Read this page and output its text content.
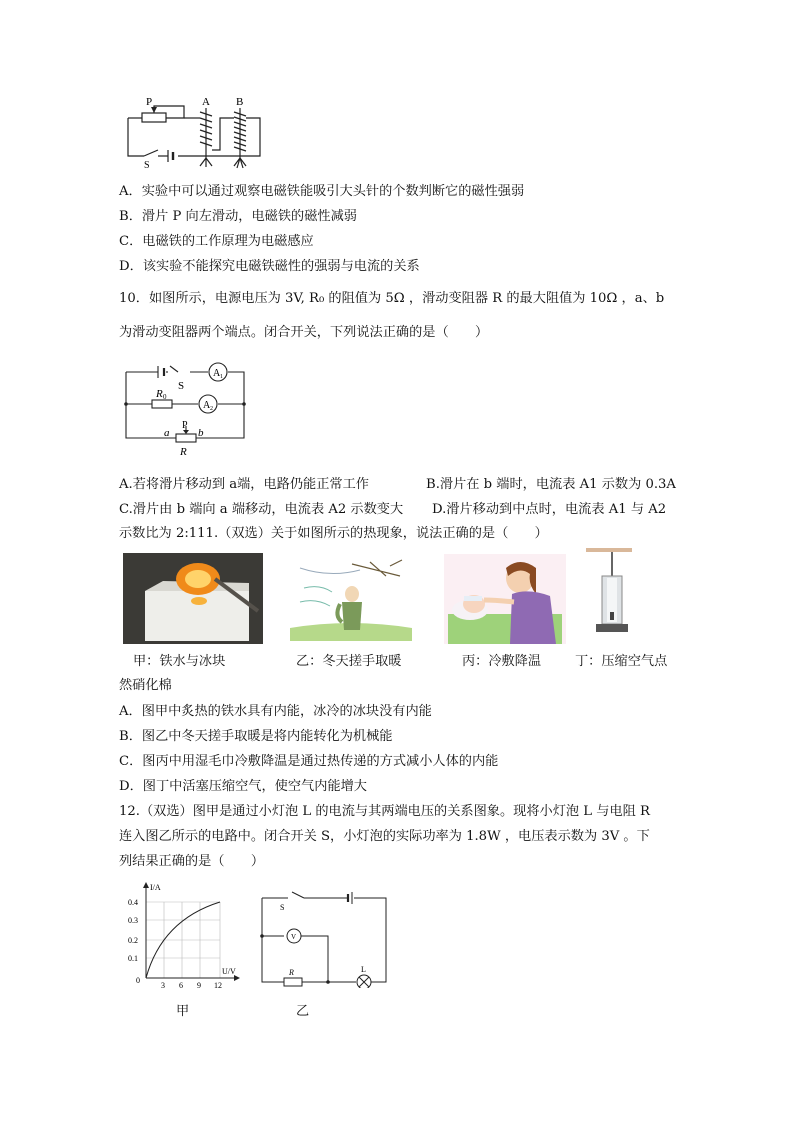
P	A B
S
A．实验中可以通过观察电磁铁能吸引大头针的个数判断它的磁性强弱
B．滑片 P 向左滑动，电磁铁的磁性减弱
C．电磁铁的工作原理为电磁感应
D．该实验不能探究电磁铁磁性的强弱与电流的关系
10．如图所示，电源电压为 3V, R₀ 的阻值为 5Ω ，滑动变阻器 R 的最大阻值为 10Ω ，a、b
为滑动变阻器两个端点。闭合开关，下列说法正确的是（　　）
S
A 1
A 2
R 0
a
P
b
R
A.若将滑片移动到 a端，电路仍能正常工作	B.滑片在 b 端时，电流表 A1 示数为 0.3A
C.滑片由 b 端向 a 端移动，电流表 A2 示数变大 D.滑片移动到中点时，电流表 A1 与 A2
示数比为 2:111.（双选）关于如图所示的热现象，说法正确的是（　　）
甲：铁水与冰块	乙：冬天搓手取暖	丙：冷敷降温	丁：压缩空气点
然硝化棉
A．图甲中炙热的铁水具有内能，冰冷的冰块没有内能
B．图乙中冬天搓手取暖是将内能转化为机械能
C．图丙中用湿毛巾冷敷降温是通过热传递的方式减小人体的内能
D．图丁中活塞压缩空气，使空气内能增大
12.（双选）图甲是通过小灯泡 L 的电流与其两端电压的关系图象。现将小灯泡 L 与电阻 R
连入图乙所示的电路中。闭合开关 S，小灯泡的实际功率为 1.8W ，电压表示数为 3V 。下
列结果正确的是（　　）
I/A
U/V
0.4
0.3
0.2
0.1
0
3 6 9 12
S
V
R	L
甲	乙
